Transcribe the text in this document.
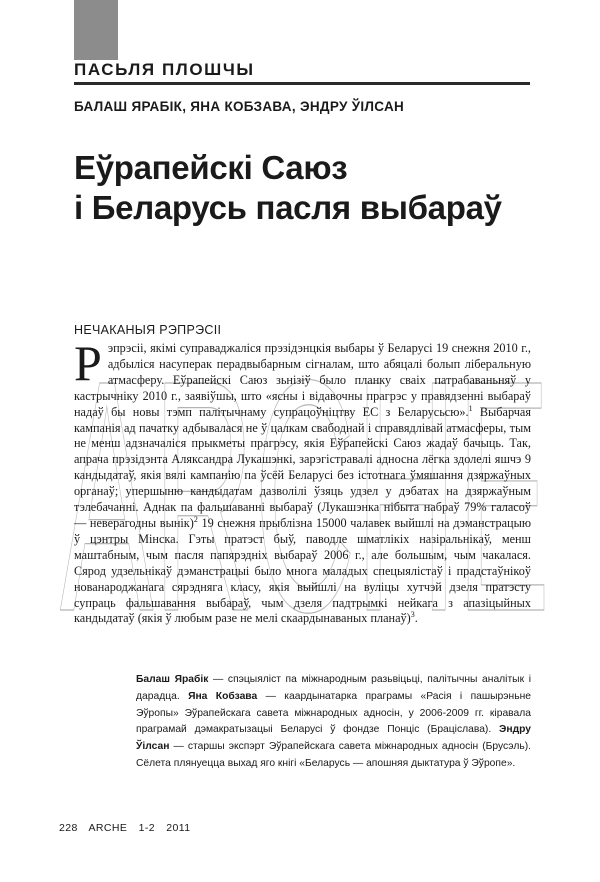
ПАСЬЛЯ ПЛОШЧЫ

БАЛАШ ЯРАБІК, ЯНА КОБЗАВА, ЭНДРУ ЎІЛСАН

Еўрапейскі Саюз
і Беларусь пасля выбараў
ARCHE

НЕЧАКАНЫЯ РЭПРЭСІІ

Рэпрэсіі, якімі суправаджаліся прэзідэнцкія выбары ў Беларусі 19 снежня 2010 г., адбыліся насуперак перадвыбарным сігналам, што абяцалі болып ліберальную атмасферу. Еўрапейскі Саюз зьнізіў было планку сваіх патрабаваньняў у кастрычніку 2010 г., заявіўшы, што «ясны і відавочны прагрэс у правядзенні выбараў надаў бы новы тэмп палітычнаму супрацоўніцтву ЕС з Беларусьсю».$^1$ Выбарчая кампанія ад пачатку адбывалася не ў цалкам свабоднай і справядлівай атмасферы, тым не менш адзначаліся прыкметы прагрэсу, якія Еўрапейскі Саюз жадаў бачыць. Так, апрача прэзідэнта Аляксандра Лукашэнкі, зарэгістравалі адносна лёгка здолелі яшчэ 9 кандыдатаў, якія вялі кампанію па ўсёй Беларусі без істотнага ўмяшання дзяржаўных органаў; упершыню кандыдатам дазволілі ўзяць удзел у дэбатах на дзяржаўным тэлебачанні. Аднак па фальшаванні выбараў (Лукашэнка нібыта набраў 79% галасоў — неверагодны вынік)$^2$ 19 снежня прыблізна 15000 чалавек выйшлі на дэманстрацыю ў цэнтры Мінска. Гэты пратэст быў, паводле шматлікіх назіральнікаў, менш маштабным, чым пасля папярэдніх выбараў 2006 г., але большым, чым чакалася. Сярод удзельнікаў дэманстрацыі было многа маладых спецыялістаў і прадстаўнікоў нованароджанага сярэдняга класу, якія выйшлі на вуліцы хутчэй дзеля пратэсту супраць фальшавання выбараў, чым дзеля падтрымкі нейкага з апазіцыйных кандыдатаў (якія ў любым разе не мелі скаардынаваных планаў)$^3$.

Балаш Ярабік — спэцыяліст па міжнародным разьвіцьці, палітычны аналітык і дарадца. Яна Кобзава — каардынатарка праграмы «Расія і пашырэньне Эўропы» Эўрапейскага савета міжнародных адносін, у 2006-2009 гг. кіравала праграмай дэмакратызацыі Беларусі ў фондзе Понціс (Браціслава). Эндру Ўілсан — старшы экспэрт Эўрапейскага савета міжнародных адносін (Брусэль). Сёлета плянуецца выхад яго кнігі «Беларусь — апошняя дыктатура ў Эўропе».

228 ARCHE 1-2 2011
